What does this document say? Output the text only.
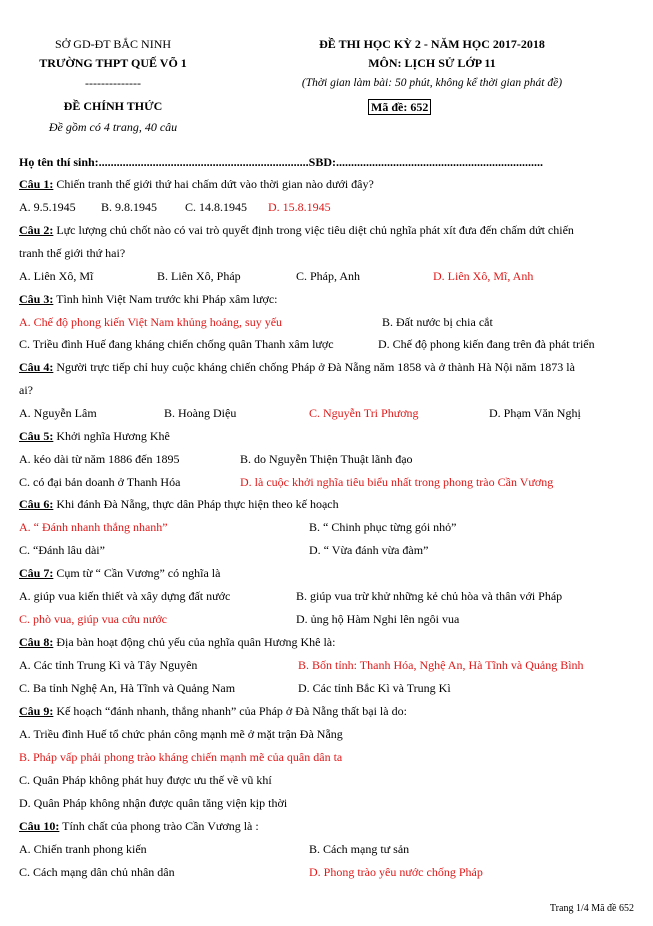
SỞ GD-ĐT BẮC NINH
TRƯỜNG THPT QUẾ VÕ 1
--------------
ĐỀ CHÍNH THỨC
Đề gồm có 4 trang, 40 câu
ĐỀ THI HỌC KỲ 2 - NĂM HỌC 2017-2018
MÔN: LỊCH SỬ LỚP 11
(Thời gian làm bài: 50 phút, không kể thời gian phát đề)
Mã đề: 652
Họ tên thí sinh:......................................................................SBD:.....................................................................
Câu 1: Chiến tranh thế giới thứ hai chấm dứt vào thời gian nào dưới đây?
A. 9.5.1945 B. 9.8.1945 C. 14.8.1945 D. 15.8.1945
Câu 2: Lực lượng chủ chốt nào có vai trò quyết định trong việc tiêu diệt chủ nghĩa phát xít đưa đến chấm dứt chiến
tranh thế giới thứ hai?
A. Liên Xô, Mĩ	B. Liên Xô, Pháp	C. Pháp, Anh	D. Liên Xô, Mĩ, Anh
Câu 3: Tình hình Việt Nam trước khi Pháp xâm lược:
A. Chế độ phong kiến Việt Nam khủng hoảng, suy yếu	B. Đất nước bị chia cắt
C. Triều đình Huế đang kháng chiến chống quân Thanh xâm lược	D. Chế độ phong kiến đang trên đà phát triển
Câu 4: Người trực tiếp chỉ huy cuộc kháng chiến chống Pháp ở Đà Nẵng năm 1858 và ở thành Hà Nội năm 1873 là
ai?
A. Nguyễn Lâm	B. Hoàng Diệu	C. Nguyễn Tri Phương	D. Phạm Văn Nghị
Câu 5: Khởi nghĩa Hương Khê
A. kéo dài từ năm 1886 đến 1895	B. do Nguyễn Thiện Thuật lãnh đạo
C. có đại bản doanh ở Thanh Hóa	D. là cuộc khởi nghĩa tiêu biểu nhất trong phong trào Cần Vương
Câu 6: Khi đánh Đà Nẵng, thực dân Pháp thực hiện theo kế hoạch
A. “ Đánh nhanh thắng nhanh”	B. “ Chinh phục từng gói nhỏ”
C. “Đánh lâu dài”	D. “ Vừa đánh vừa đàm”
Câu 7: Cụm từ “ Cần Vương” có nghĩa là
A. giúp vua kiến thiết và xây dựng đất nước	B. giúp vua trừ khử những kẻ chủ hòa và thân với Pháp
C. phò vua, giúp vua cứu nước	D. ủng hộ Hàm Nghi lên ngôi vua
Câu 8: Địa bàn hoạt động chủ yếu của nghĩa quân Hương Khê là:
A. Các tỉnh Trung Kì và Tây Nguyên	B. Bốn tỉnh: Thanh Hóa, Nghệ An, Hà Tĩnh và Quảng Bình
C. Ba tỉnh Nghệ An, Hà Tĩnh và Quảng Nam	D. Các tỉnh Bắc Kì và Trung Kì
Câu 9: Kế hoạch “đánh nhanh, thắng nhanh” của Pháp ở Đà Nẵng thất bại là do:
A. Triều đình Huế tổ chức phản công mạnh mẽ ở mặt trận Đà Nẵng
B. Pháp vấp phải phong trào kháng chiến mạnh mẽ của quân dân ta
C. Quân Pháp không phát huy được ưu thế về vũ khí
D. Quân Pháp không nhận được quân tăng viện kịp thời
Câu 10: Tính chất của phong trào Cần Vương là :
A. Chiến tranh phong kiến	B. Cách mạng tư sản
C. Cách mạng dân chủ nhân dân	D. Phong trào yêu nước chống Pháp
Trang 1/4 Mã đề 652
